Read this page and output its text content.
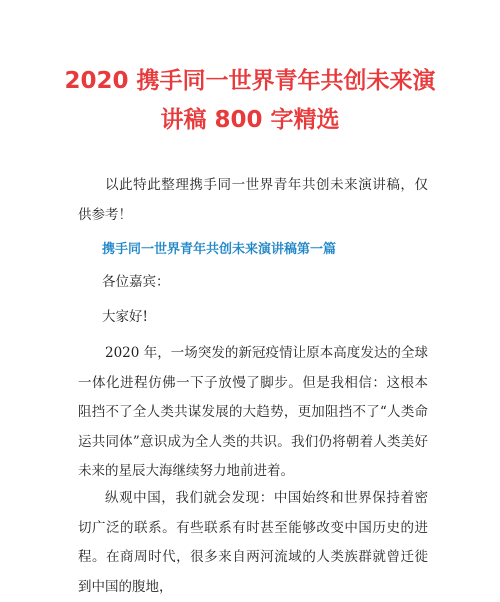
2020 携手同一世界青年共创未来演
讲稿 800 字精选
以此特此整理携手同一世界青年共创未来演讲稿，仅供参考！
携手同一世界青年共创未来演讲稿第一篇
各位嘉宾：
大家好!
2020 年，一场突发的新冠疫情让原本高度发达的全球一体化进程仿佛一下子放慢了脚步。但是我相信：这根本阻挡不了全人类共谋发展的大趋势，更加阻挡不了“人类命运共同体”意识成为全人类的共识。我们仍将朝着人类美好未来的星辰大海继续努力地前进着。
纵观中国，我们就会发现：中国始终和世界保持着密切广泛的联系。有些联系有时甚至能够改变中国历史的进程。在商周时代，很多来自两河流域的人类族群就曾迁徙到中国的腹地，
